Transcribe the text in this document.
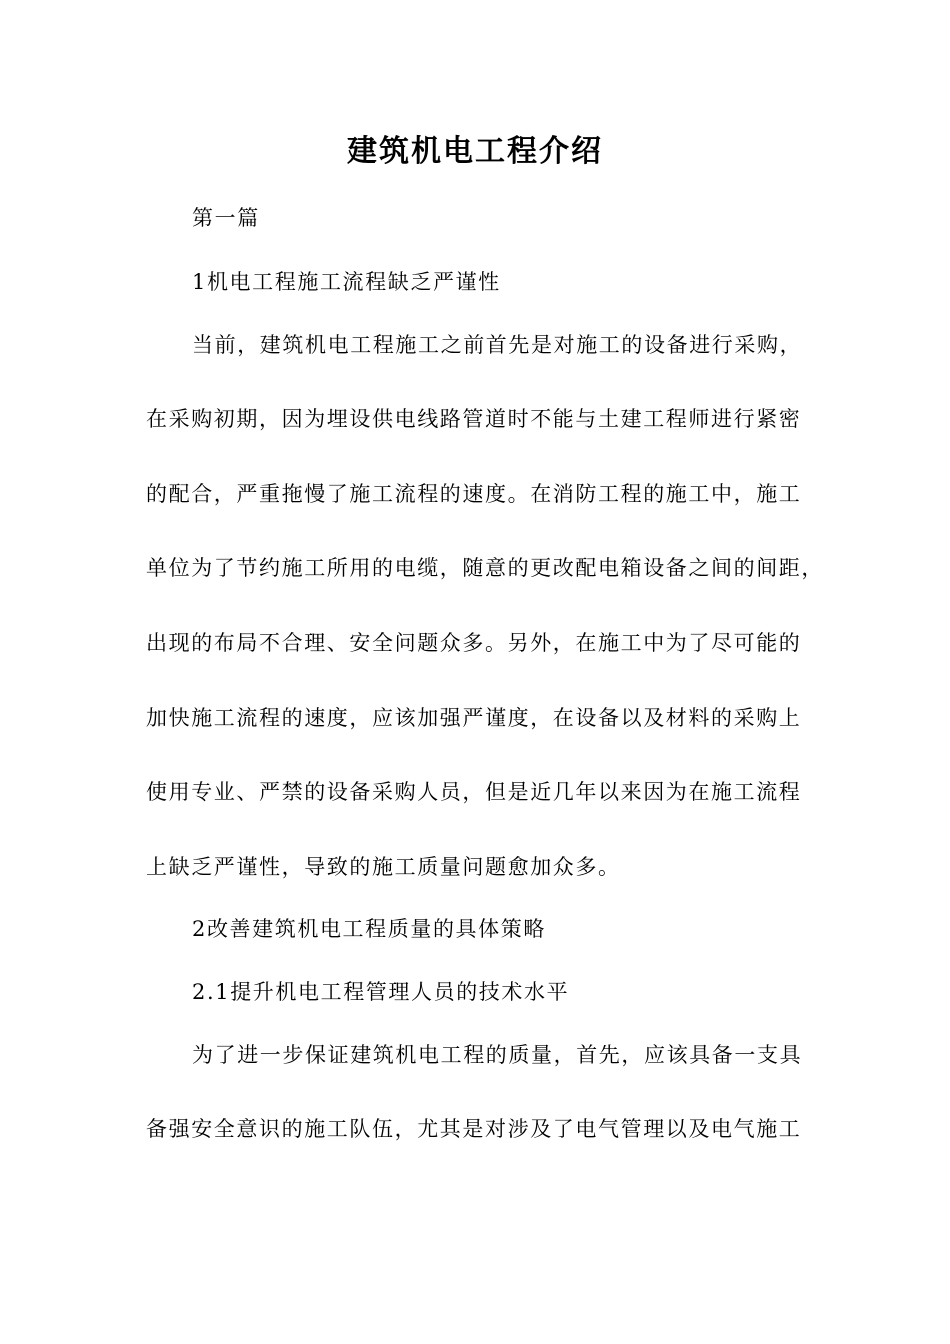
建筑机电工程介绍
第一篇
1机电工程施工流程缺乏严谨性
当前，建筑机电工程施工之前首先是对施工的设备进行采购，
在采购初期，因为埋设供电线路管道时不能与土建工程师进行紧密
的配合，严重拖慢了施工流程的速度。在消防工程的施工中，施工
单位为了节约施工所用的电缆，随意的更改配电箱设备之间的间距，
出现的布局不合理、安全问题众多。另外，在施工中为了尽可能的
加快施工流程的速度，应该加强严谨度，在设备以及材料的采购上
使用专业、严禁的设备采购人员，但是近几年以来因为在施工流程
上缺乏严谨性，导致的施工质量问题愈加众多。
2改善建筑机电工程质量的具体策略
2.1提升机电工程管理人员的技术水平
为了进一步保证建筑机电工程的质量，首先，应该具备一支具
备强安全意识的施工队伍，尤其是对涉及了电气管理以及电气施工
